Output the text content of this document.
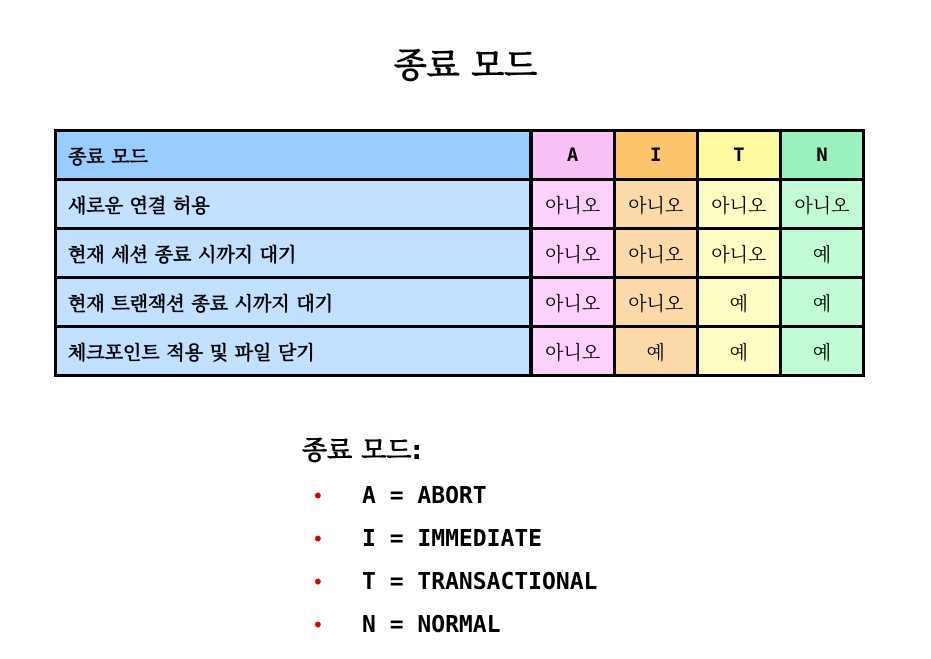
종료 모드
종료 모드	A	I	T	N
새로운 연결 허용	아니오	아니오	아니오	아니오
현재 세션 종료 시까지 대기	아니오	아니오	아니오	예
현재 트랜잭션 종료 시까지 대기	아니오	아니오	예	예
체크포인트 적용 및 파일 닫기	아니오	예	예	예
종료 모드:
•	A = ABORT
•	I = IMMEDIATE
•	T = TRANSACTIONAL
•	N = NORMAL
